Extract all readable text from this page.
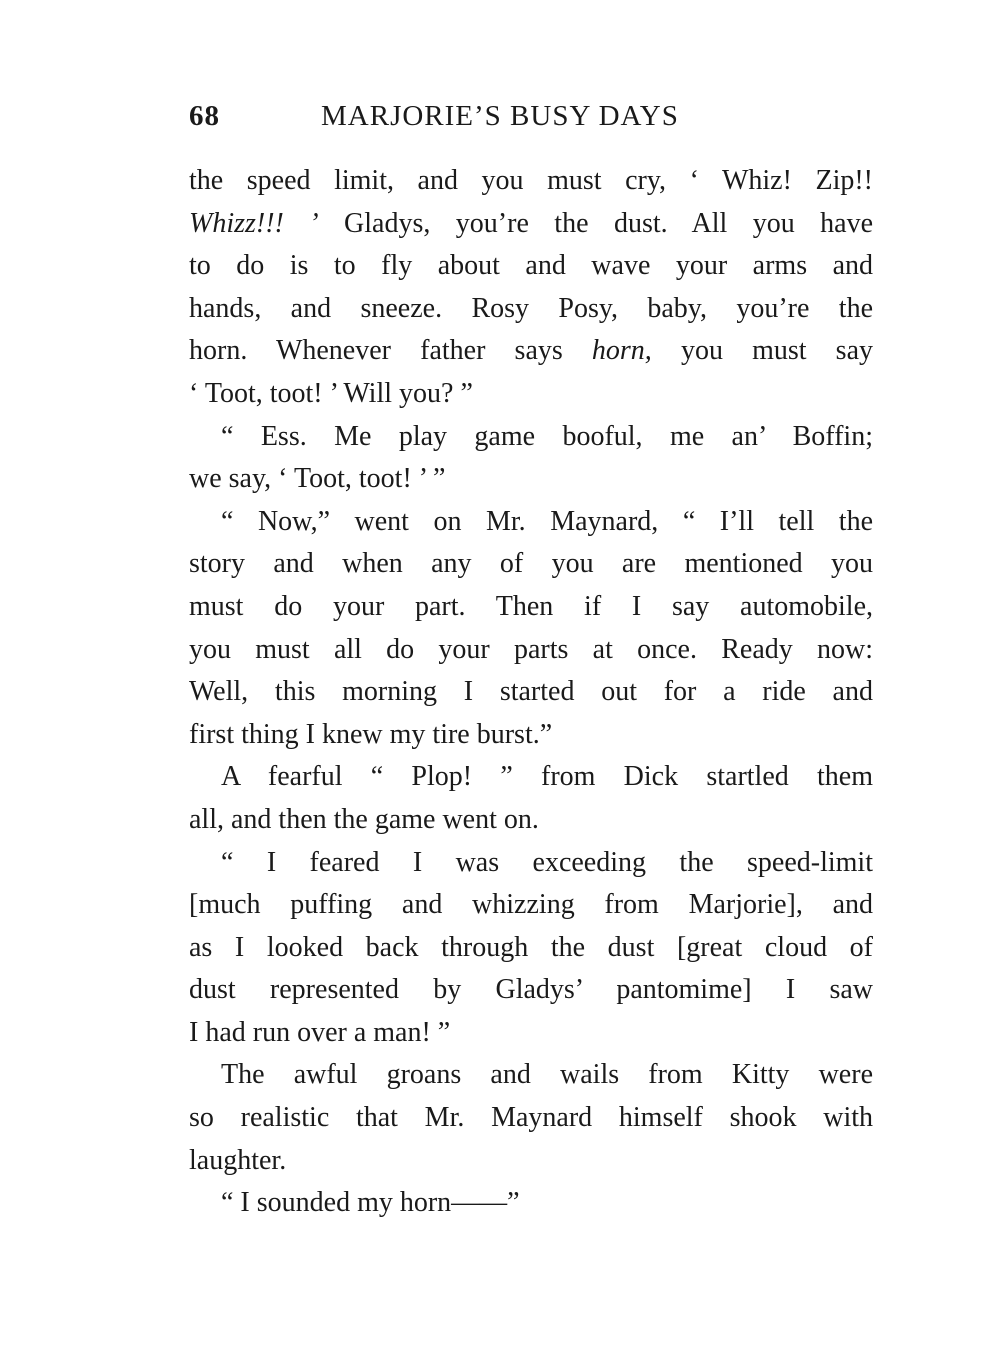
68	MARJORIE’S BUSY DAYS
the speed limit, and you must cry, ‘ Whiz! Zip!!
Whizz!!! ’ Gladys, you’re the dust. All you have
to do is to fly about and wave your arms and
hands, and sneeze. Rosy Posy, baby, you’re the
horn. Whenever father says horn, you must say
‘ Toot, toot! ’ Will you? ”
“ Ess. Me play game booful, me an’ Boffin;
we say, ‘ Toot, toot! ’ ”
“ Now,” went on Mr. Maynard, “ I’ll tell the
story and when any of you are mentioned you
must do your part. Then if I say automobile,
you must all do your parts at once. Ready now:
Well, this morning I started out for a ride and
first thing I knew my tire burst.”
A fearful “ Plop! ” from Dick startled them
all, and then the game went on.
“ I feared I was exceeding the speed-limit
[much puffing and whizzing from Marjorie], and
as I looked back through the dust [great cloud of
dust represented by Gladys’ pantomime] I saw
I had run over a man! ”
The awful groans and wails from Kitty were
so realistic that Mr. Maynard himself shook with
laughter.
“ I sounded my horn——”
